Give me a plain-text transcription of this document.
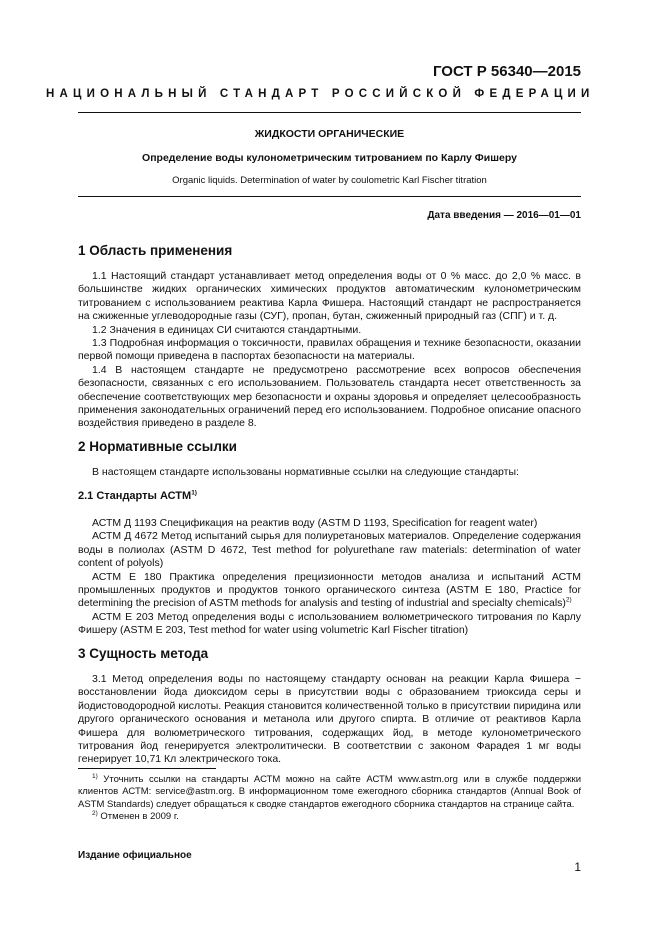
ГОСТ Р 56340—2015
НАЦИОНАЛЬНЫЙ СТАНДАРТ РОССИЙСКОЙ ФЕДЕРАЦИИ
ЖИДКОСТИ ОРГАНИЧЕСКИЕ
Определение воды кулонометрическим титрованием по Карлу Фишеру
Organic liquids. Determination of water by coulometric Karl Fischer titration
Дата введения — 2016—01—01
1 Область применения

1.1 Настоящий стандарт устанавливает метод определения воды от 0 % масс. до 2,0 % масс. в большинстве жидких органических химических продуктов автоматическим кулонометрическим титрованием с использованием реактива Карла Фишера. Настоящий стандарт не распространяется на сжиженные углеводородные газы (СУГ), пропан, бутан, сжиженный природный газ (СПГ) и т. д.

1.2 Значения в единицах СИ считаются стандартными.

1.3 Подробная информация о токсичности, правилах обращения и технике безопасности, оказании первой помощи приведена в паспортах безопасности на материалы.

1.4 В настоящем стандарте не предусмотрено рассмотрение всех вопросов обеспечения безопасности, связанных с его использованием. Пользователь стандарта несет ответственность за обеспечение соответствующих мер безопасности и охраны здоровья и определяет целесообразность применения законодательных ограничений перед его использованием. Подробное описание опасного воздействия приведено в разделе 8.

2 Нормативные ссылки

В настоящем стандарте использованы нормативные ссылки на следующие стандарты:

2.1 Стандарты АСТМ$^{1)}$

АСТМ Д 1193 Спецификация на реактив воду (ASTM D 1193, Specification for reagent water)

АСТМ Д 4672 Метод испытаний сырья для полиуретановых материалов. Определение содержания воды в полиолах (ASTM D 4672, Test method for polyurethane raw materials: determination of water content of polyols)

АСТМ Е 180 Практика определения прецизионности методов анализа и испытаний АСТМ промышленных продуктов и продуктов тонкого органического синтеза (ASTM E 180, Practice for determining the precision of ASTM methods for analysis and testing of industrial and specialty chemicals)$^{2)}$

АСТМ Е 203 Метод определения воды с использованием волюметрического титрования по Карлу Фишеру (ASTM E 203, Test method for water using volumetric Karl Fischer titration)

3 Сущность метода

3.1 Метод определения воды по настоящему стандарту основан на реакции Карла Фишера − восстановлении йода диоксидом серы в присутствии воды с образованием триоксида серы и йодистоводородной кислоты. Реакция становится количественной только в присутствии пиридина или другого органического основания и метанола или другого спирта. В отличие от реактивов Карла Фишера для волюметрического титрования, содержащих йод, в методе кулонометрического титрования йод генерируется электролитически. В соответствии с законом Фарадея 1 мг воды генерирует 10,71 Кл электрического тока.

$^{1)}$ Уточнить ссылки на стандарты АСТМ можно на сайте АСТМ www.astm.org или в службе поддержки клиентов АСТМ: service@astm.org. В информационном томе ежегодного сборника стандартов (Annual Book of ASTM Standards) следует обращаться к сводке стандартов ежегодного сборника стандартов на странице сайта.

$^{2)}$ Отменен в 2009 г.

Издание официальное
1
